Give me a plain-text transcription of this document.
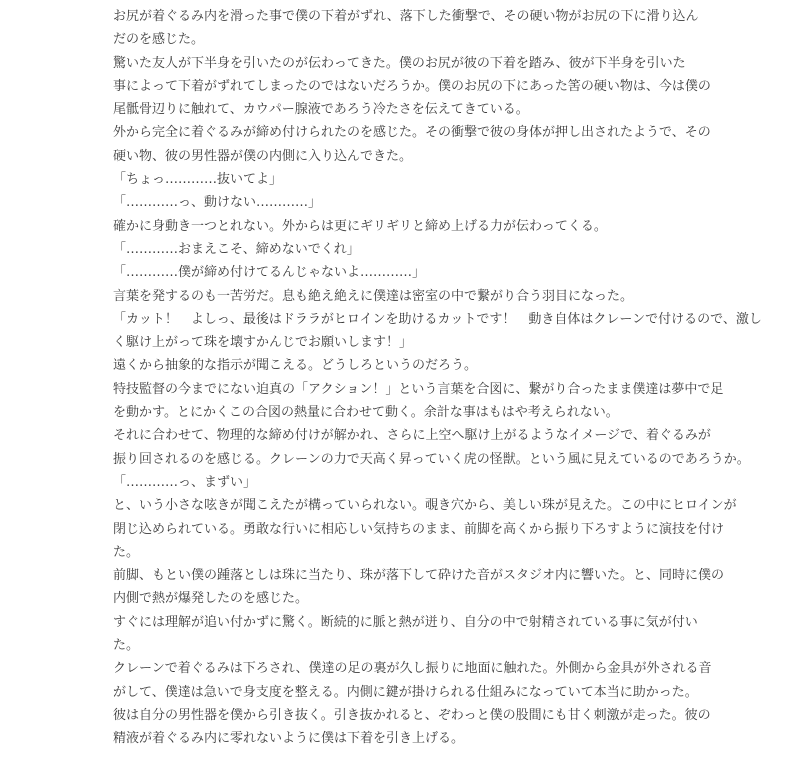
お尻が着ぐるみ内を滑った事で僕の下着がずれ、落下した衝撃で、その硬い物がお尻の下に滑り込ん
だのを感じた。

驚いた友人が下半身を引いたのが伝わってきた。僕のお尻が彼の下着を踏み、彼が下半身を引いた
事によって下着がずれてしまったのではないだろうか。僕のお尻の下にあった筈の硬い物は、今は僕の
尾骶骨辺りに触れて、カウパー腺液であろう冷たさを伝えてきている。

外から完全に着ぐるみが締め付けられたのを感じた。その衝撃で彼の身体が押し出されたようで、その
硬い物、彼の男性器が僕の内側に入り込んできた。

「ちょっ…………抜いてよ」

「…………っ、動けない…………」

確かに身動き一つとれない。外からは更にギリギリと締め上げる力が伝わってくる。

「…………おまえこそ、締めないでくれ」

「…………僕が締め付けてるんじゃないよ…………」

言葉を発するのも一苦労だ。息も絶え絶えに僕達は密室の中で繋がり合う羽目になった。

「カット！　よしっ、最後はドララがヒロインを助けるカットです！　動き自体はクレーンで付けるので、激し
く駆け上がって珠を壊すかんじでお願いします！」

遠くから抽象的な指示が聞こえる。どうしろというのだろう。

特技監督の今までにない迫真の「アクション！」という言葉を合図に、繋がり合ったまま僕達は夢中で足
を動かす。とにかくこの合図の熱量に合わせて動く。余計な事はもはや考えられない。

それに合わせて、物理的な締め付けが解かれ、さらに上空へ駆け上がるようなイメージで、着ぐるみが
振り回されるのを感じる。クレーンの力で天高く昇っていく虎の怪獣。という風に見えているのであろうか。

「…………っ、まずい」

と、いう小さな呟きが聞こえたが構っていられない。覗き穴から、美しい珠が見えた。この中にヒロインが
閉じ込められている。勇敢な行いに相応しい気持ちのまま、前脚を高くから振り下ろすように演技を付け
た。

前脚、もとい僕の踵落としは珠に当たり、珠が落下して砕けた音がスタジオ内に響いた。と、同時に僕の
内側で熱が爆発したのを感じた。

すぐには理解が追い付かずに驚く。断続的に脈と熱が迸り、自分の中で射精されている事に気が付い
た。

クレーンで着ぐるみは下ろされ、僕達の足の裏が久し振りに地面に触れた。外側から金具が外される音
がして、僕達は急いで身支度を整える。内側に鍵が掛けられる仕組みになっていて本当に助かった。

彼は自分の男性器を僕から引き抜く。引き抜かれると、ぞわっと僕の股間にも甘く刺激が走った。彼の
精液が着ぐるみ内に零れないように僕は下着を引き上げる。
